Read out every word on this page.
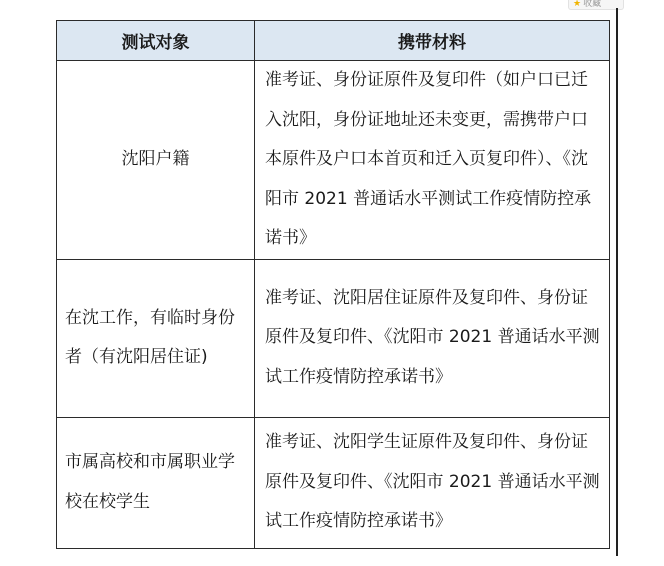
★ 收藏
测试对象	携带材料
沈阳户籍	准考证、身份证原件及复印件（如户口已迁入沈阳，身份证地址还未变更，需携带户口本原件及户口本首页和迁入页复印件）、《沈阳市 2021 普通话水平测试工作疫情防控承诺书》
在沈工作，有临时身份者（有沈阳居住证)	准考证、沈阳居住证原件及复印件、身份证原件及复印件、《沈阳市 2021 普通话水平测试工作疫情防控承诺书》
市属高校和市属职业学校在校学生	准考证、沈阳学生证原件及复印件、身份证原件及复印件、《沈阳市 2021 普通话水平测试工作疫情防控承诺书》
